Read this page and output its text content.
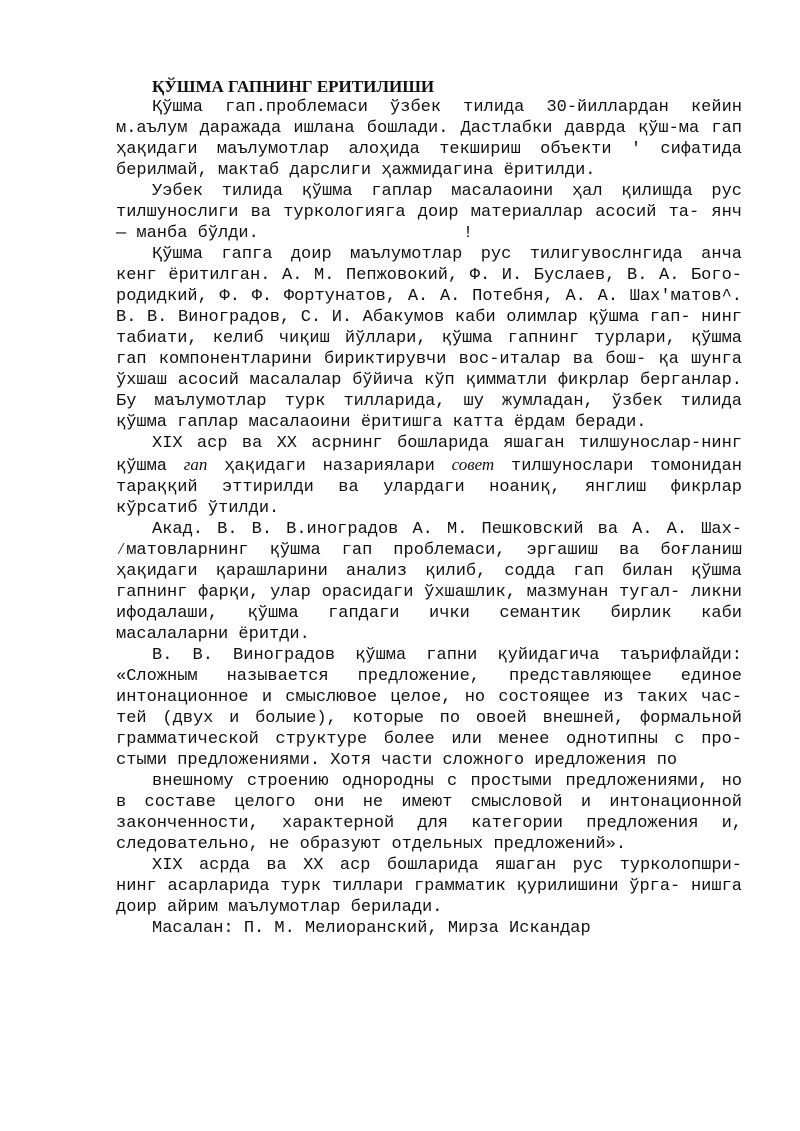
ҚЎШМА ГАПНИНГ ЕРИТИЛИШИ

Қўшма гап.проблемаси ўзбек тилида 30-йиллардан кейин м.аълум даражада ишлана бошлади. Дастлабки даврда қўш-ма гап ҳақидаги маълумотлар алоҳида текшириш объекти ' сифатида берилмай, мактаб дарслиги ҳажмидагина ёритилди.

Уэбек тилида қўшма гаплар масалаоини ҳал қилишда рус тилшунослиги ва туркологияга доир материаллар асосий та- янч — манба бўлди.                    !

Қўшма гапга доир маълумотлар рус тилигувослнгида анча кенг ёритилган. А. М. Пепжовокий, Ф. И. Буслаев, В. А. Бого- родидкий, Ф. Ф. Фортунатов, А. А. Потебня, А. А. Шах'матов^. В. В. Виноградов, С. И. Абакумов каби олимлар қўшма гап- нинг табиати, келиб чиқиш йўллари, қўшма гапнинг турлари, қўшма гап компонентларини бириктирувчи вос-италар ва бош- қа шунга ўхшаш асосий масалалар бўйича кўп қимматли фикрлар берганлар. Бу маълумотлар турк тилларида, шу жумладан, ўзбек тилида қўшма гаплар масалаоини ёритишга катта ёрдам беради.

XIX аср ва XX асрнинг бошларида яшаган тилшунослар-нинг қўшма гап ҳақидаги назариялари совет тилшунослари томонидан тараққий эттирилди ва улардаги ноаниқ, янглиш фикрлар кўрсатиб ўтилди.

Акад. В. В. В.иноградов А. М. Пешковский ва А. А. Шах- ⁄матовларнинг қўшма гап проблемаси, эргашиш ва боғланиш ҳақидаги қарашларини анализ қилиб, содда гап билан қўшма гапнинг фарқи, улар орасидаги ўхшашлик, мазмунан тугал- ликни ифодалаши, қўшма гапдаги ички семантик бирлик каби масалаларни ёритди.

В. В. Виноградов қўшма гапни қуйидагича таърифлайди: «Сложным называется предложение, представляющее единое интонационное и смыслювое целое, но состоящее из таких час- тей (двух и болыие), которые по овоей внешней, формальной грамматической структуре более или менее однотипны с про- стыми предложениями. Хотя части сложного иредложения по

внешному строению однородны с простыми предложениями, но в составе целого они не имеют смысловой и интонационной законченности, характерной для категории предложения и, следовательно, не образуют отдельных предложений».

XIX асрда ва XX аср бошларида яшаган рус турколопшри- нинг асарларида турк тиллари грамматик қурилишини ўрга- нишга доир айрим маълумотлар берилади.

Масалан: П. М. Мелиоранский, Мирза Искандар
